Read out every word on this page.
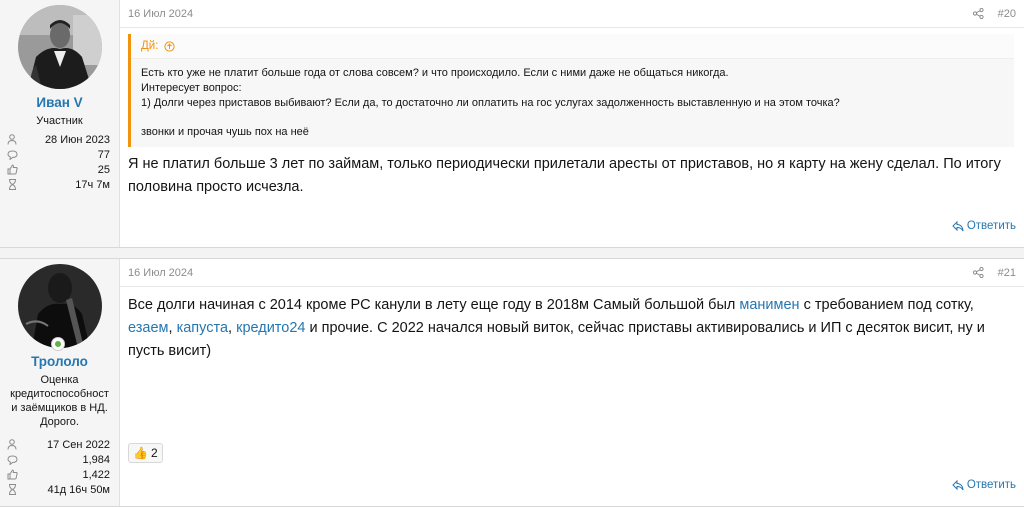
Иван V
Участник
28 Июн 2023
77
25
17ч 7м
16 Июл 2024	#20
Дй:

Есть кто уже не платит больше года от слова совсем? и что происходило. Если с ними даже не общаться никогда.

Интересует вопрос:

1) Долги через приставов выбивают? Если да, то достаточно ли оплатить на гос услугах задолженность выставленную и на этом точка?

звонки и прочая чушь пох на неё

Я не платил больше 3 лет по займам, только периодически прилетали аресты от приставов, но я карту на жену сделал. По итогу половина просто исчезла.
Ответить
Трололо
Оценка кредитоспособност и заёмщиков в НД. Дорого.
17 Сен 2022
1,984
1,422
41д 16ч 50м
16 Июл 2024	#21
Все долги начиная с 2014 кроме РС канули в лету еще году в 2018м Самый большой был манимен с требованием под сотку, езаем, капуста, кредито24 и прочие. С 2022 начался новый виток, сейчас приставы активировались и ИП с десяток висит, ну и пусть висит)
👍 2
Ответить
